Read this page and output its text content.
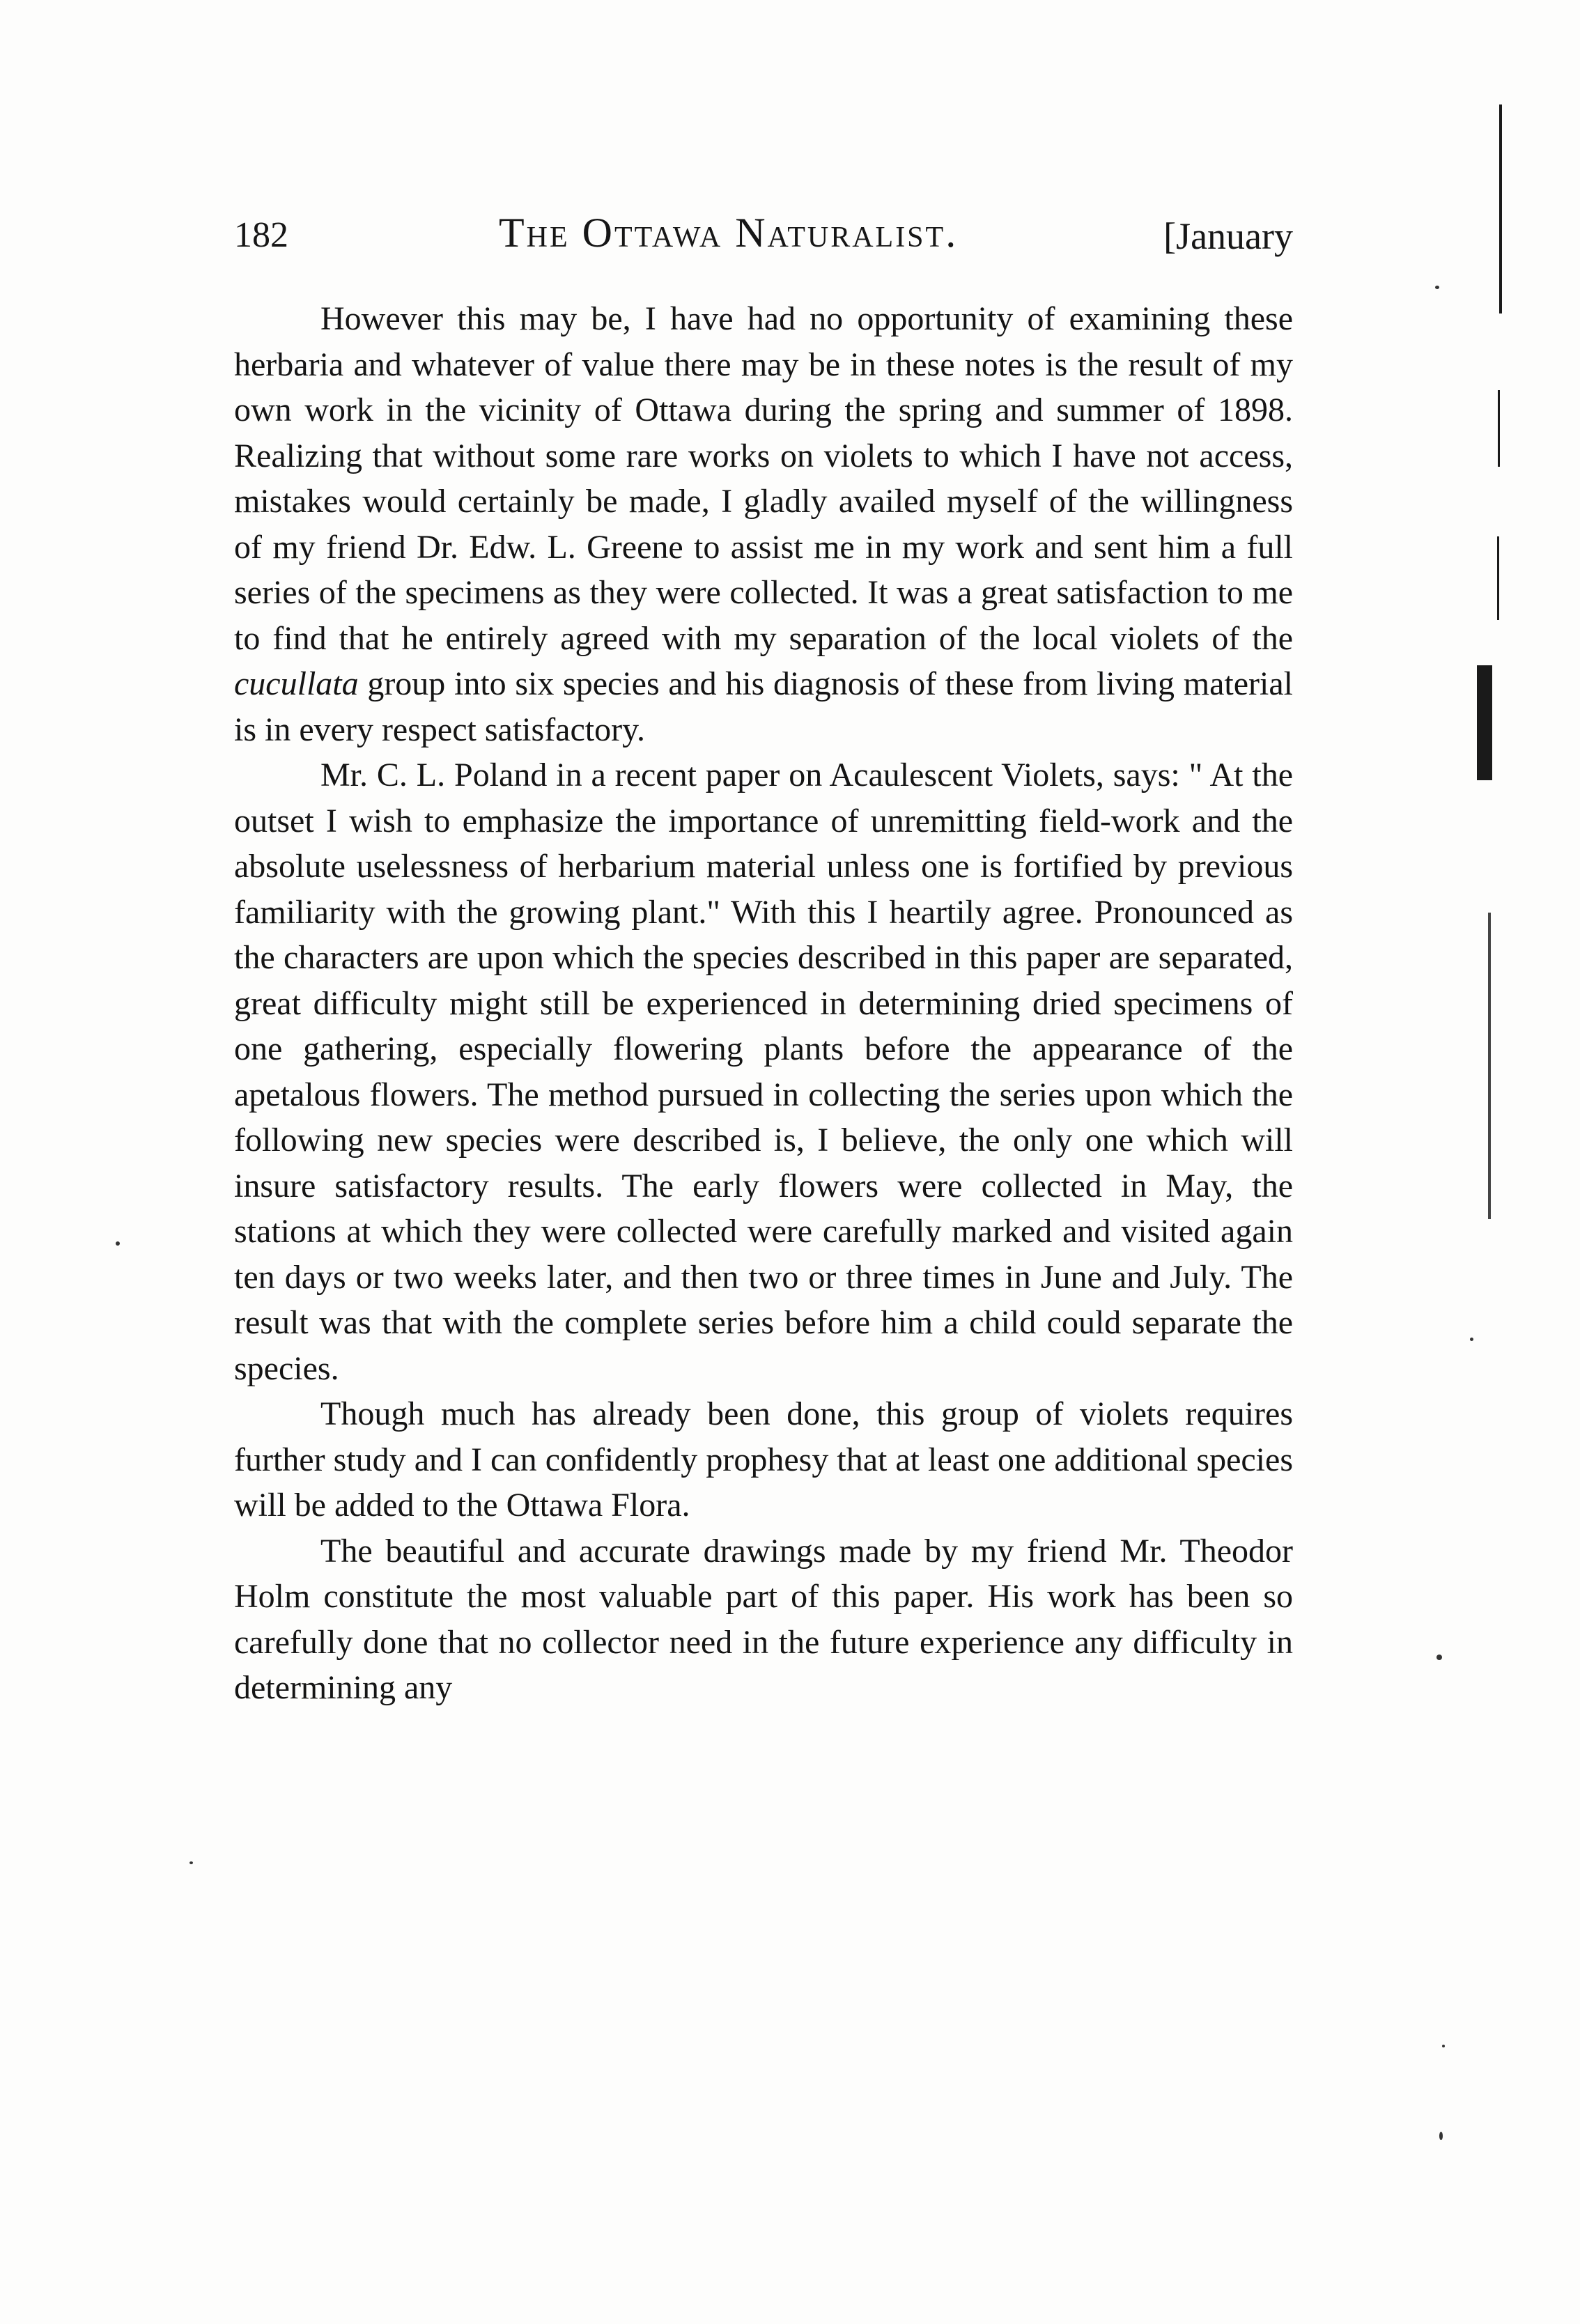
182	The Ottawa Naturalist.	[January

However this may be, I have had no opportunity of examining these herbaria and whatever of value there may be in these notes is the result of my own work in the vicinity of Ottawa during the spring and summer of 1898. Realizing that without some rare works on violets to which I have not access, mistakes would certainly be made, I gladly availed myself of the willingness of my friend Dr. Edw. L. Greene to assist me in my work and sent him a full series of the specimens as they were collected. It was a great satisfaction to me to find that he entirely agreed with my separation of the local violets of the cucullata group into six species and his diagnosis of these from living material is in every respect satisfactory.

Mr. C. L. Poland in a recent paper on Acaulescent Violets, says: " At the outset I wish to emphasize the importance of unremitting field-work and the absolute uselessness of herbarium material unless one is fortified by previous familiarity with the growing plant." With this I heartily agree. Pronounced as the characters are upon which the species described in this paper are separated, great difficulty might still be experienced in determining dried specimens of one gathering, especially flowering plants before the appearance of the apetalous flowers. The method pursued in collecting the series upon which the following new species were described is, I believe, the only one which will insure satisfactory results. The early flowers were collected in May, the stations at which they were collected were carefully marked and visited again ten days or two weeks later, and then two or three times in June and July. The result was that with the complete series before him a child could separate the species.

Though much has already been done, this group of violets requires further study and I can confidently prophesy that at least one additional species will be added to the Ottawa Flora.

The beautiful and accurate drawings made by my friend Mr. Theodor Holm constitute the most valuable part of this paper. His work has been so carefully done that no collector need in the future experience any difficulty in determining any
